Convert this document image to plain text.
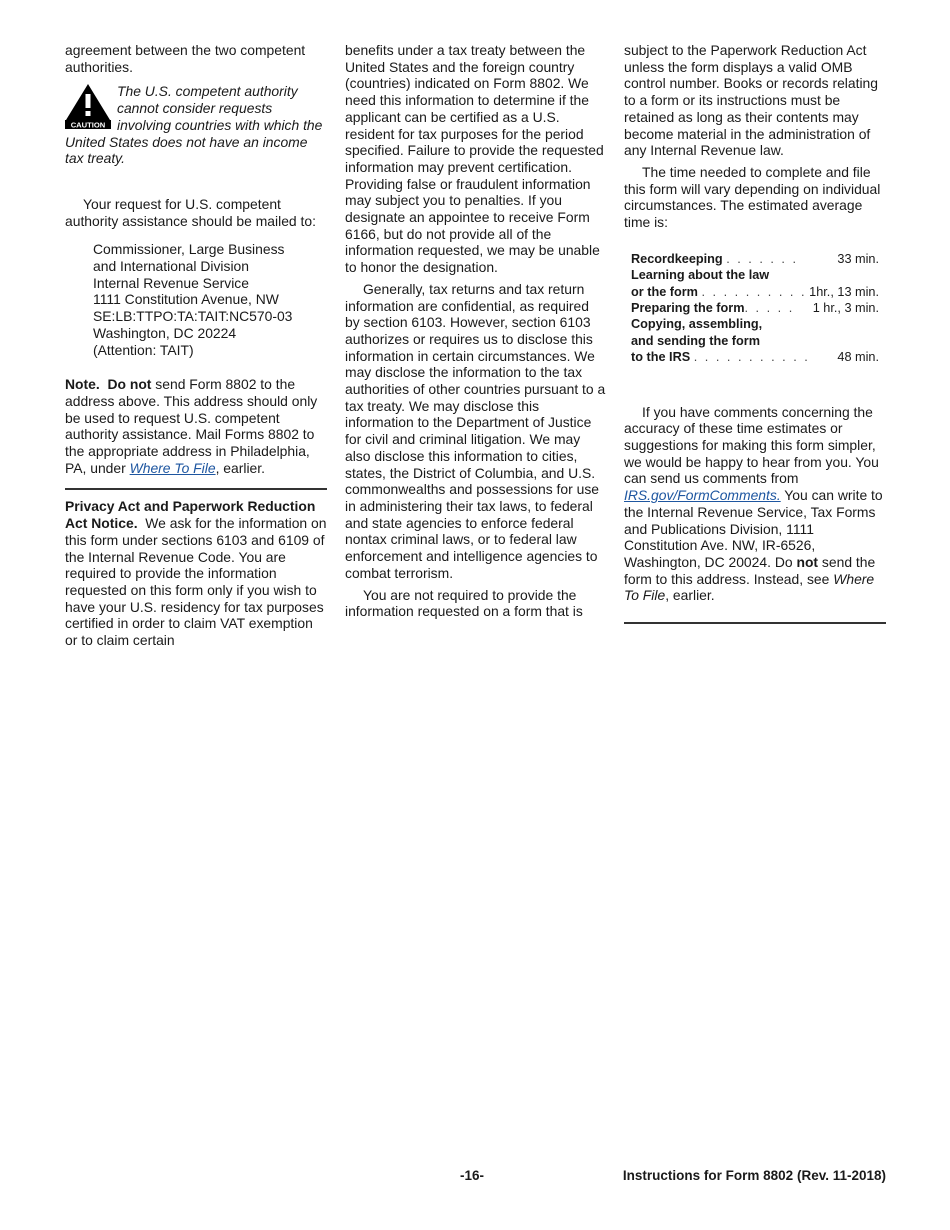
agreement between the two competent authorities.

CAUTION
The U.S. competent authority cannot consider requests involving countries with which the United States does not have an income tax treaty.

Your request for U.S. competent authority assistance should be mailed to:

Commissioner, Large Business
and International Division
Internal Revenue Service
1111 Constitution Avenue, NW
SE:LB:TTPO:TA:TAIT:NC570-03
Washington, DC 20224
(Attention: TAIT)

Note. Do not send Form 8802 to the address above. This address should only be used to request U.S. competent authority assistance. Mail Forms 8802 to the appropriate address in Philadelphia, PA, under Where To File, earlier.

Privacy Act and Paperwork Reduction Act Notice. We ask for the information on this form under sections 6103 and 6109 of the Internal Revenue Code. You are required to provide the information requested on this form only if you wish to have your U.S. residency for tax purposes certified in order to claim VAT exemption or to claim certain

benefits under a tax treaty between the United States and the foreign country (countries) indicated on Form 8802. We need this information to determine if the applicant can be certified as a U.S. resident for tax purposes for the period specified. Failure to provide the requested information may prevent certification. Providing false or fraudulent information may subject you to penalties. If you designate an appointee to receive Form 6166, but do not provide all of the information requested, we may be unable to honor the designation.

Generally, tax returns and tax return information are confidential, as required by section 6103. However, section 6103 authorizes or requires us to disclose this information in certain circumstances. We may disclose the information to the tax authorities of other countries pursuant to a tax treaty. We may disclose this information to the Department of Justice for civil and criminal litigation. We may also disclose this information to cities, states, the District of Columbia, and U.S. commonwealths and possessions for use in administering their tax laws, to federal and state agencies to enforce federal nontax criminal laws, or to federal law enforcement and intelligence agencies to combat terrorism.

You are not required to provide the information requested on a form that is

subject to the Paperwork Reduction Act unless the form displays a valid OMB control number. Books or records relating to a form or its instructions must be retained as long as their contents may become material in the administration of any Internal Revenue law.

The time needed to complete and file this form will vary depending on individual circumstances. The estimated average time is:

Recordkeeping . . . . . . .	33 min.
Learning about the law
or the form . . . . . . . . . . 1hr., 13 min.
Preparing the form. . . . . 1 hr., 3 min.
Copying, assembling,
and sending the form
to the IRS . . . . . . . . . . . 48 min.

If you have comments concerning the accuracy of these time estimates or suggestions for making this form simpler, we would be happy to hear from you. You can send us comments from IRS.gov/FormComments. You can write to the Internal Revenue Service, Tax Forms and Publications Division, 1111 Constitution Ave. NW, IR-6526, Washington, DC 20024. Do not send the form to this address. Instead, see Where To File, earlier.

-16-	Instructions for Form 8802 (Rev. 11-2018)
